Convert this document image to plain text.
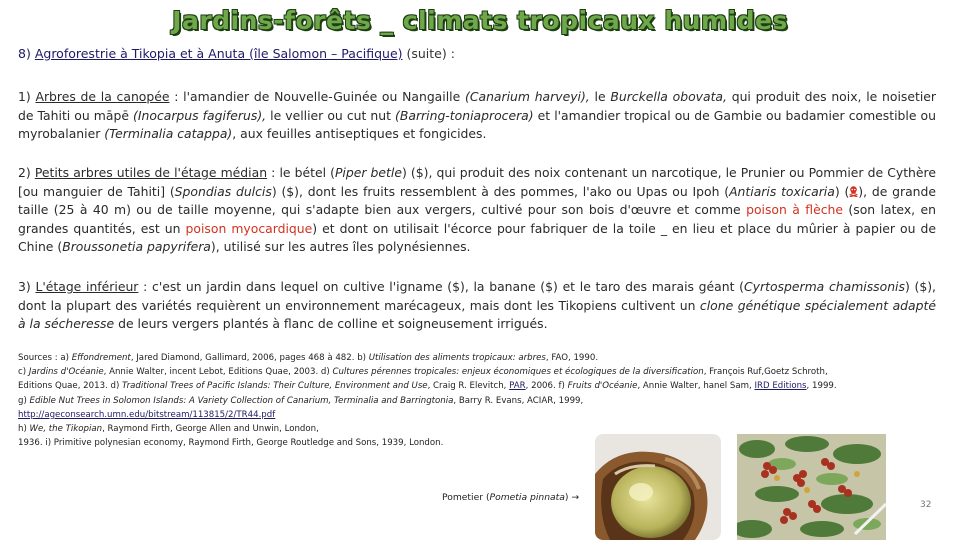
Jardins-forêts _ climats tropicaux humides
8) Agroforestrie à Tikopia et à Anuta (île Salomon – Pacifique) (suite) :
1) Arbres de la canopée : l'amandier de Nouvelle-Guinée ou Nangaille (Canarium harveyi), le Burckella obovata, qui produit des noix, le noisetier de Tahiti ou māpē (Inocarpus fagiferus), le vellier ou cut nut (Barring-toniaprocera) et l'amandier tropical ou de Gambie ou badamier comestible ou myrobalanier (Terminalia catappa), aux feuilles antiseptiques et fongicides.
2) Petits arbres utiles de l'étage médian : le bétel (Piper betle) ($), qui produit des noix contenant un narcotique, le Prunier ou Pommier de Cythère [ou manguier de Tahiti] (Spondias dulcis) ($), dont les fruits ressemblent à des pommes, l'ako ou Upas ou Ipoh (Antiaris toxicaria) ( ), de grande taille (25 à 40 m) ou de taille moyenne, qui s'adapte bien aux vergers, cultivé pour son bois d'œuvre et comme poison à flèche (son latex, en grandes quantités, est un poison myocardique) et dont on utilisait l'écorce pour fabriquer de la toile _ en lieu et place du mûrier à papier ou de Chine (Broussonetia papyrifera), utilisé sur les autres îles polynésiennes.
3) L'étage inférieur : c'est un jardin dans lequel on cultive l'igname ($), la banane ($) et le taro des marais géant (Cyrtosperma chamissonis) ($), dont la plupart des variétés requièrent un environnement marécageux, mais dont les Tikopiens cultivent un clone génétique spécialement adapté à la sécheresse de leurs vergers plantés à flanc de colline et soigneusement irrigués.
Sources : a) Effondrement, Jared Diamond, Gallimard, 2006, pages 468 à 482. b) Utilisation des aliments tropicaux: arbres, FAO, 1990.
c) Jardins d'Océanie, Annie Walter, incent Lebot, Editions Quae, 2003. d) Cultures pérennes tropicales: enjeux économiques et écologiques de la diversification, François Ruf,Goetz Schroth,
Editions Quae, 2013. d) Traditional Trees of Pacific Islands: Their Culture, Environment and Use, Craig R. Elevitch, PAR, 2006. f) Fruits d'Océanie, Annie Walter, hanel Sam, IRD Editions, 1999.
g) Edible Nut Trees in Solomon Islands: A Variety Collection of Canarium, Terminalia and Barringtonia, Barry R. Evans, ACIAR, 1999,
http://ageconsearch.umn.edu/bitstream/113815/2/TR44.pdf
h) We, the Tikopian, Raymond Firth, George Allen and Unwin, London,
1936. i) Primitive polynesian economy, Raymond Firth, George Routledge and Sons, 1939, London.
Pometier (Pometia pinnata) →
32
